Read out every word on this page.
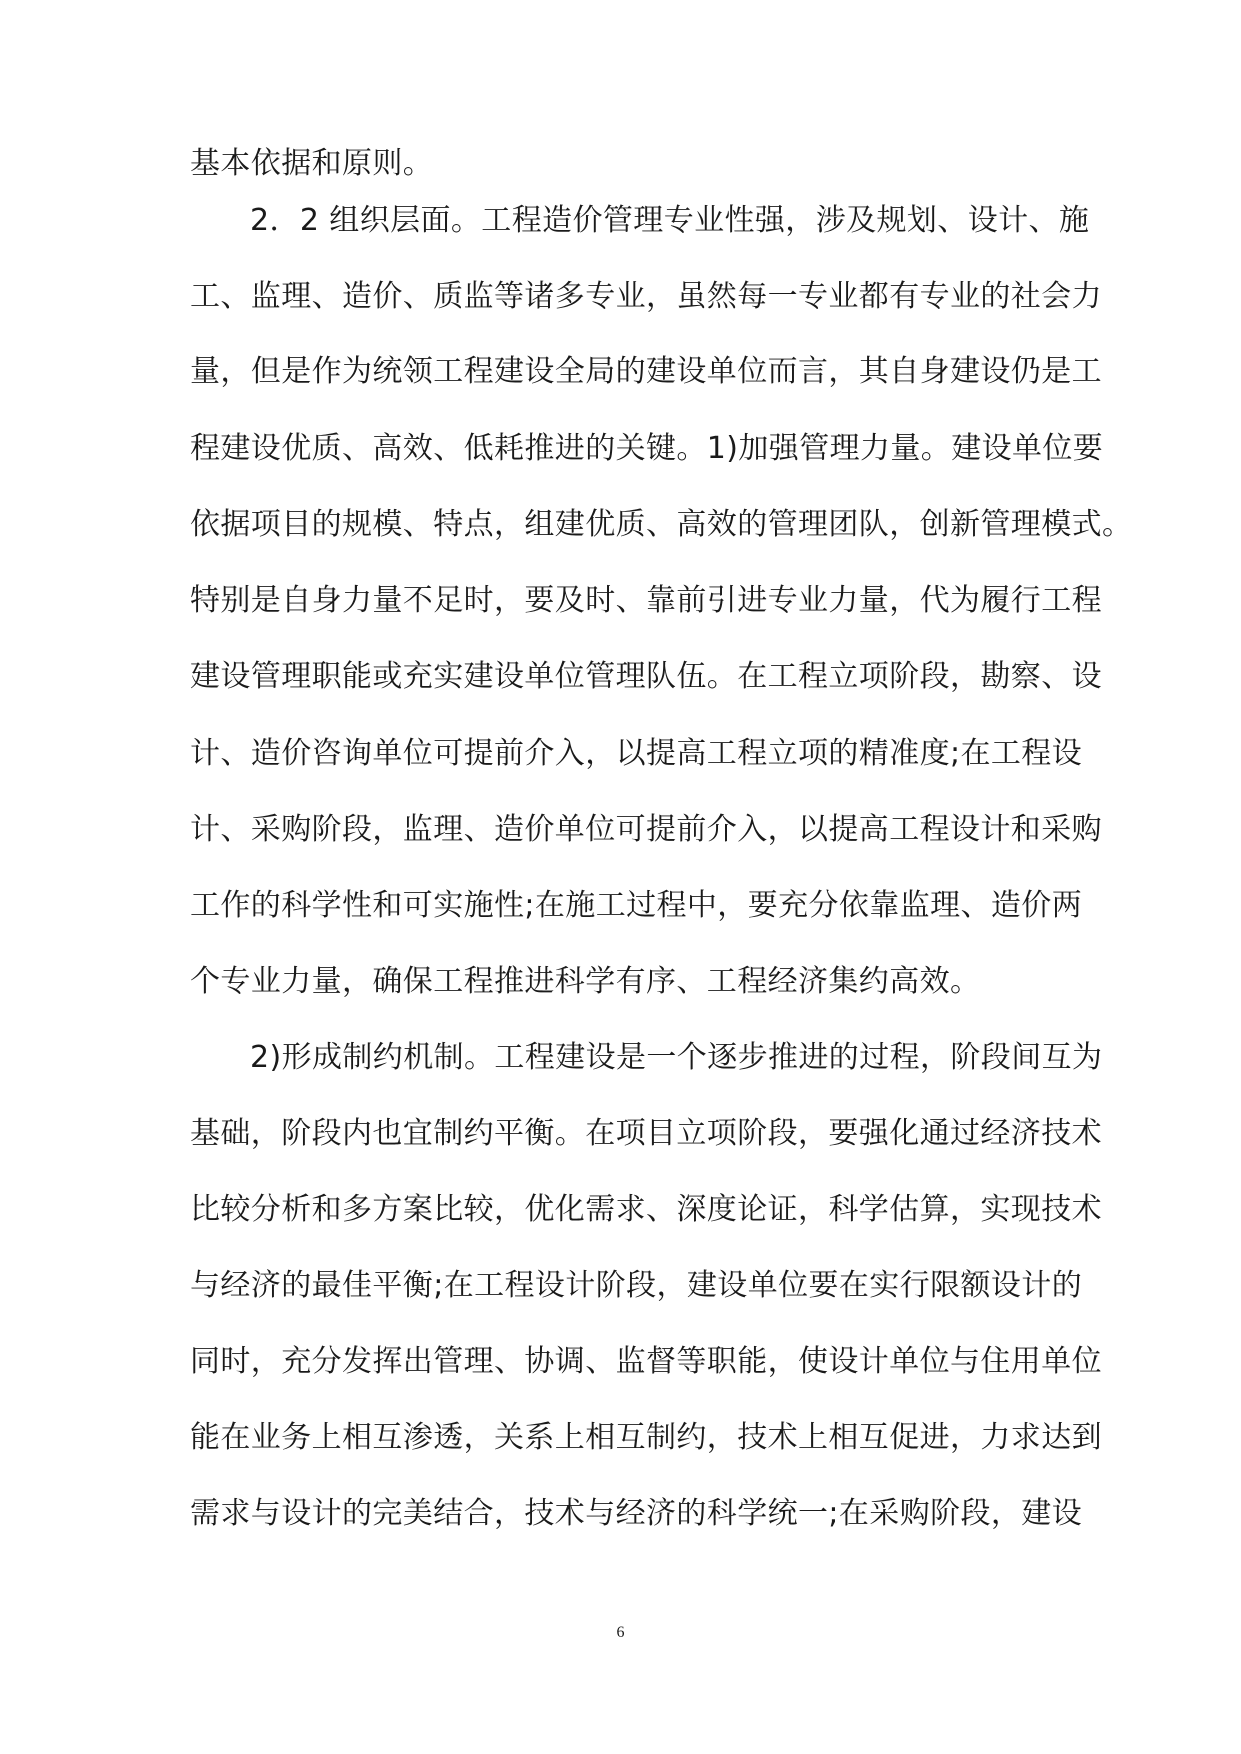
基本依据和原则。
2．2 组织层面。工程造价管理专业性强，涉及规划、设计、施
工、监理、造价、质监等诸多专业，虽然每一专业都有专业的社会力
量，但是作为统领工程建设全局的建设单位而言，其自身建设仍是工
程建设优质、高效、低耗推进的关键。1)加强管理力量。建设单位要
依据项目的规模、特点，组建优质、高效的管理团队，创新管理模式。
特别是自身力量不足时，要及时、靠前引进专业力量，代为履行工程
建设管理职能或充实建设单位管理队伍。在工程立项阶段，勘察、设
计、造价咨询单位可提前介入，以提高工程立项的精准度;在工程设
计、采购阶段，监理、造价单位可提前介入，以提高工程设计和采购
工作的科学性和可实施性;在施工过程中，要充分依靠监理、造价两
个专业力量，确保工程推进科学有序、工程经济集约高效。
2)形成制约机制。工程建设是一个逐步推进的过程，阶段间互为
基础，阶段内也宜制约平衡。在项目立项阶段，要强化通过经济技术
比较分析和多方案比较，优化需求、深度论证，科学估算，实现技术
与经济的最佳平衡;在工程设计阶段，建设单位要在实行限额设计的
同时，充分发挥出管理、协调、监督等职能，使设计单位与住用单位
能在业务上相互渗透，关系上相互制约，技术上相互促进，力求达到
需求与设计的完美结合，技术与经济的科学统一;在采购阶段，建设
6
